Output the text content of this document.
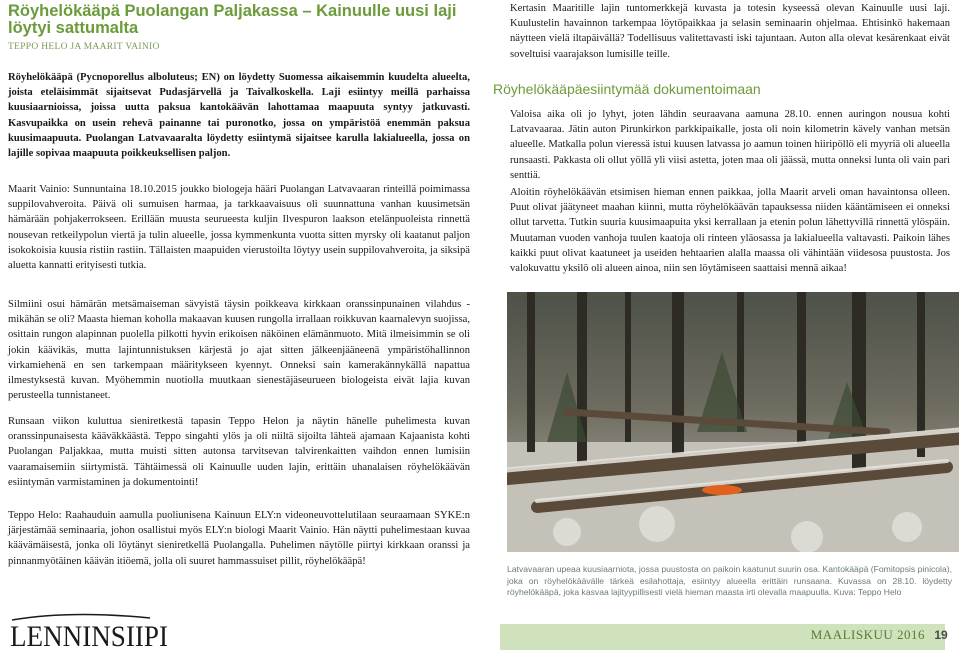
Röyhelökääpä Puolangan Paljakassa – Kainuulle uusi laji löytyi sattumalta
TEPPO HELO JA MAARIT VAINIO

Röyhelökääpä (Pycnoporellus alboluteus; EN) on löydetty Suomessa aikaisemmin kuudelta alueelta, joista eteläisimmät sijaitsevat Pudasjärvellä ja Taivalkoskella. Laji esiintyy meillä parhaissa kuusiaarnioissa, joissa uutta paksua kantokäävän lahottamaa maapuuta syntyy jatkuvasti. Kasvupaikka on usein rehevä painanne tai puronotko, jossa on ympäristöä enemmän paksua kuusimaapuuta. Puolangan Latvavaaralta löydetty esiintymä sijaitsee karulla lakialueella, jossa on lajille sopivaa maapuuta poikkeuksellisen paljon.

Maarit Vainio: Sunnuntaina 18.10.2015 joukko biologeja hääri Puolangan Latvavaaran rinteillä poimimassa suppilovahveroita. Päivä oli sumuisen harmaa, ja tarkkaavaisuus oli suunnattuna vanhan kuusimetsän hämärään pohjakerrokseen. Erillään muusta seurueesta kuljin Ilvespuron laakson etelänpuoleista rinnettä nousevan retkeilypolun viertä ja tulin alueelle, jossa kymmenkunta vuotta sitten myrsky oli kaatanut paljon isokokoisia kuusia ristiin rastiin. Tällaisten maapuiden vierustoilta löytyy usein suppilovahveroita, ja siksipä aluetta kannatti erityisesti tutkia.

Silmiini osui hämärän metsämaiseman sävyistä täysin poikkeava kirkkaan oranssinpunainen vilahdus - mikähän se oli? Maasta hieman koholla makaavan kuusen rungolla irrallaan roikkuvan kaarnalevyn suojissa, osittain rungon alapinnan puolella pilkotti hyvin erikoisen näköinen elämänmuoto. Mitä ilmeisimmin se oli jokin käävikäs, mutta lajintunnistuksen kärjestä jo ajat sitten jälkeenjääneenä ympäristöhallinnon virkamiehenä en sen tarkempaan määritykseen kyennyt. Onneksi sain kamerakännykällä napattua ilmestyksestä kuvan. Myöhemmin nuotiolla muutkaan sienestäjäseurueen biologeista eivät lajia kuvan perusteella tunnistaneet.

Runsaan viikon kuluttua sieniretkestä tapasin Teppo Helon ja näytin hänelle puhelimesta kuvan oranssinpunaisesta kääväkkäästä. Teppo singahti ylös ja oli niiltä sijoilta lähteä ajamaan Kajaanista kohti Puolangan Paljakkaa, mutta muisti sitten autonsa tarvitsevan talvirenkaitten vaihdon ennen lumisiin vaaramaisemiin siirtymistä. Tähtäimessä oli Kainuulle uuden lajin, erittäin uhanalaisen röyhelökäävän esiintymän varmistaminen ja dokumentointi!

Teppo Helo: Raahauduin aamulla puoliunisena Kainuun ELY:n videoneuvottelutilaan seuraamaan SYKE:n järjestämää seminaaria, johon osallistui myös ELY:n biologi Maarit Vainio. Hän näytti puhelimestaan kuvaa käävämäisestä, jonka oli löytänyt sieniretkellä Puolangalla. Puhelimen näytölle piirtyi kirkkaan oranssi ja pinnanmyötäinen käävän itiöemä, jolla oli suuret hammassuiset pillit, röyhelökääpä!

Kertasin Maaritille lajin tuntomerkkejä kuvasta ja totesin kyseessä olevan Kainuulle uusi laji. Kuulustelin havainnon tarkempaa löytöpaikkaa ja selasin seminaarin ohjelmaa. Ehtisinkö hakemaan näytteen vielä iltapäivällä? Todellisuus valitettavasti iski tajuntaan. Auton alla olevat kesärenkaat eivät soveltuisi vaarajakson lumisille teille.

Röyhelökääpäesiintymää dokumentoimaan

Valoisa aika oli jo lyhyt, joten lähdin seuraavana aamuna 28.10. ennen auringon nousua kohti Latvavaaraa. Jätin auton Pirunkirkon parkkipaikalle, josta oli noin kilometrin kävely vanhan metsän alueelle. Matkalla polun vieressä istui kuusen latvassa jo aamun toinen hiiripöllö eli myyriä oli alueella runsaasti. Pakkasta oli ollut yöllä yli viisi astetta, joten maa oli jäässä, mutta onneksi lunta oli vain pari senttiä.

Aloitin röyhelökäävän etsimisen hieman ennen paikkaa, jolla Maarit arveli oman havaintonsa olleen. Puut olivat jäätyneet maahan kiinni, mutta röyhelökäävän tapauksessa niiden kääntämiseen ei onneksi ollut tarvetta. Tutkin suuria kuusimaapuita yksi kerrallaan ja etenin polun lähettyvillä rinnettä ylöspäin. Muutaman vuoden vanhoja tuulen kaatoja oli rinteen yläosassa ja lakialueella valtavasti. Paikoin lähes kaikki puut olivat kaatuneet ja useiden hehtaarien alalla maassa oli vähintään viidesosa puustosta. Jos valokuvattu yksilö oli alueen ainoa, niin sen löytämiseen saattaisi mennä aikaa!

Latvavaaran upeaa kuusiaarniota, jossa puustosta on paikoin kaatunut suurin osa. Kantokääpä (Fomitopsis pinicola), joka on röyhelökäävälle tärkeä esilahottaja, esiintyy alueella erittäin runsaana. Kuvassa on 28.10. löydetty röyhelökääpä, joka kasvaa lajityypillisesti vielä hieman maasta irti olevalla maapuulla. Kuva: Teppo Helo

LENNINSIIPI	MAALISKUU 2016 19
